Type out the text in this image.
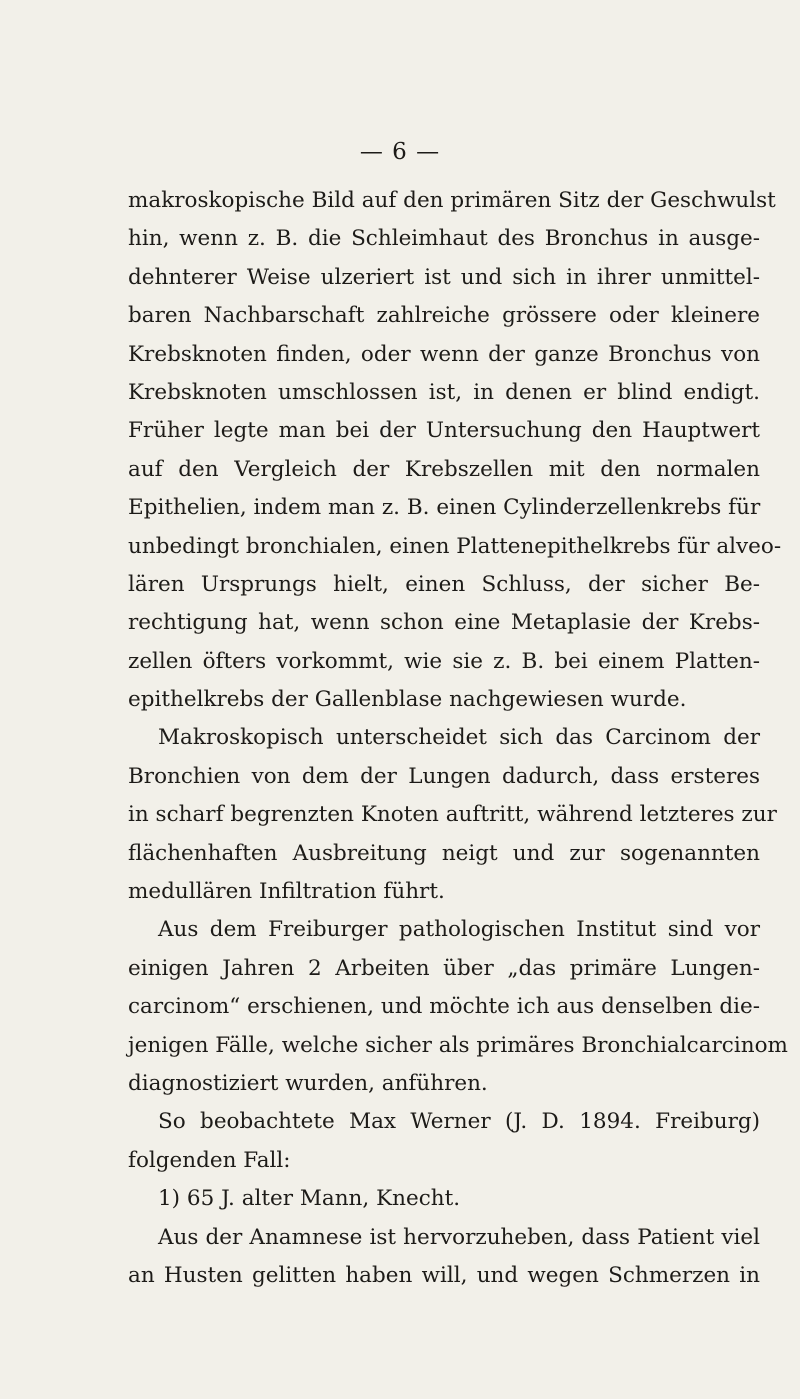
— 6 —
makroskopische Bild auf den primären Sitz der Geschwulst
hin, wenn z. B. die Schleimhaut des Bronchus in ausge-
dehnterer Weise ulzeriert ist und sich in ihrer unmittel-
baren Nachbarschaft zahlreiche grössere oder kleinere
Krebsknoten finden, oder wenn der ganze Bronchus von
Krebsknoten umschlossen ist, in denen er blind endigt.
Früher legte man bei der Untersuchung den Hauptwert
auf den Vergleich der Krebszellen mit den normalen
Epithelien, indem man z. B. einen Cylinderzellenkrebs für
unbedingt bronchialen, einen Plattenepithelkrebs für alveo-
lären Ursprungs hielt, einen Schluss, der sicher Be-
rechtigung hat, wenn schon eine Metaplasie der Krebs-
zellen öfters vorkommt, wie sie z. B. bei einem Platten-
epithelkrebs der Gallenblase nachgewiesen wurde.
Makroskopisch unterscheidet sich das Carcinom der
Bronchien von dem der Lungen dadurch, dass ersteres
in scharf begrenzten Knoten auftritt, während letzteres zur
flächenhaften Ausbreitung neigt und zur sogenannten
medullären Infiltration führt.
Aus dem Freiburger pathologischen Institut sind vor
einigen Jahren 2 Arbeiten über „das primäre Lungen-
carcinom“ erschienen, und möchte ich aus denselben die-
jenigen Fälle, welche sicher als primäres Bronchialcarcinom
diagnostiziert wurden, anführen.
So beobachtete Max Werner (J. D. 1894. Freiburg)
folgenden Fall:
1) 65 J. alter Mann, Knecht.
Aus der Anamnese ist hervorzuheben, dass Patient viel
an Husten gelitten haben will, und wegen Schmerzen in
